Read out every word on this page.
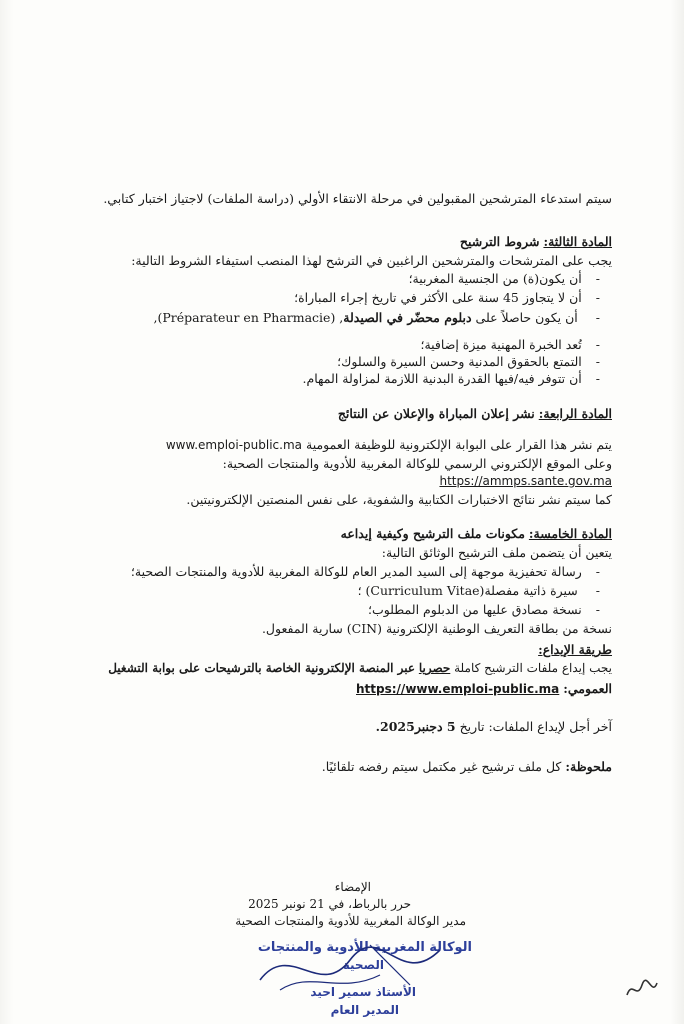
سيتم استدعاء المترشحين المقبولين في مرحلة الانتقاء الأولي (دراسة الملفات) لاجتياز اختبار كتابي.
المادة الثالثة: شروط الترشيح
يجب على المترشحات والمترشحين الراغبين في الترشح لهذا المنصب استيفاء الشروط التالية:
- أن يكون(ة) من الجنسية المغربية؛
- أن لا يتجاوز 45 سنة على الأكثر في تاريخ إجراء المباراة؛
- أن يكون حاصلاً على دبلوم محضّر في الصيدلة, (Préparateur en Pharmacie),
- تُعد الخبرة المهنية ميزة إضافية؛
- التمتع بالحقوق المدنية وحسن السيرة والسلوك؛
- أن تتوفر فيه/فيها القدرة البدنية اللازمة لمزاولة المهام.
المادة الرابعة: نشر إعلان المباراة والإعلان عن النتائج
يتم نشر هذا القرار على البوابة الإلكترونية للوظيفة العمومية www.emploi-public.ma
وعلى الموقع الإلكتروني الرسمي للوكالة المغربية للأدوية والمنتجات الصحية:
https://ammps.sante.gov.ma
كما سيتم نشر نتائج الاختبارات الكتابية والشفوية، على نفس المنصتين الإلكترونيتين.
المادة الخامسة: مكونات ملف الترشيح وكيفية إيداعه
يتعين أن يتضمن ملف الترشيح الوثائق التالية:
- رسالة تحفيزية موجهة إلى السيد المدير العام للوكالة المغربية للأدوية والمنتجات الصحية؛
- سيرة ذاتية مفصلة(Curriculum Vitae) ؛
- نسخة مصادق عليها من الدبلوم المطلوب؛
نسخة من بطاقة التعريف الوطنية الإلكترونية (CIN) سارية المفعول.
طريقة الإيداع:
يجب إيداع ملفات الترشيح كاملة حصريا عبر المنصة الإلكترونية الخاصة بالترشيحات على بوابة التشغيل
العمومي: https://www.emploi-public.ma
آخر أجل لإيداع الملفات: تاريخ 5 دجنبر2025.
ملحوظة: كل ملف ترشيح غير مكتمل سيتم رفضه تلقائيًا.
الإمضاء
حرر بالرباط، في 21 نونبر 2025
مدير الوكالة المغربية للأدوية والمنتجات الصحية
الوكالة المغربية للأدوية والمنتجات
الصحية
الأستاذ سمير احيد
المدير العام
